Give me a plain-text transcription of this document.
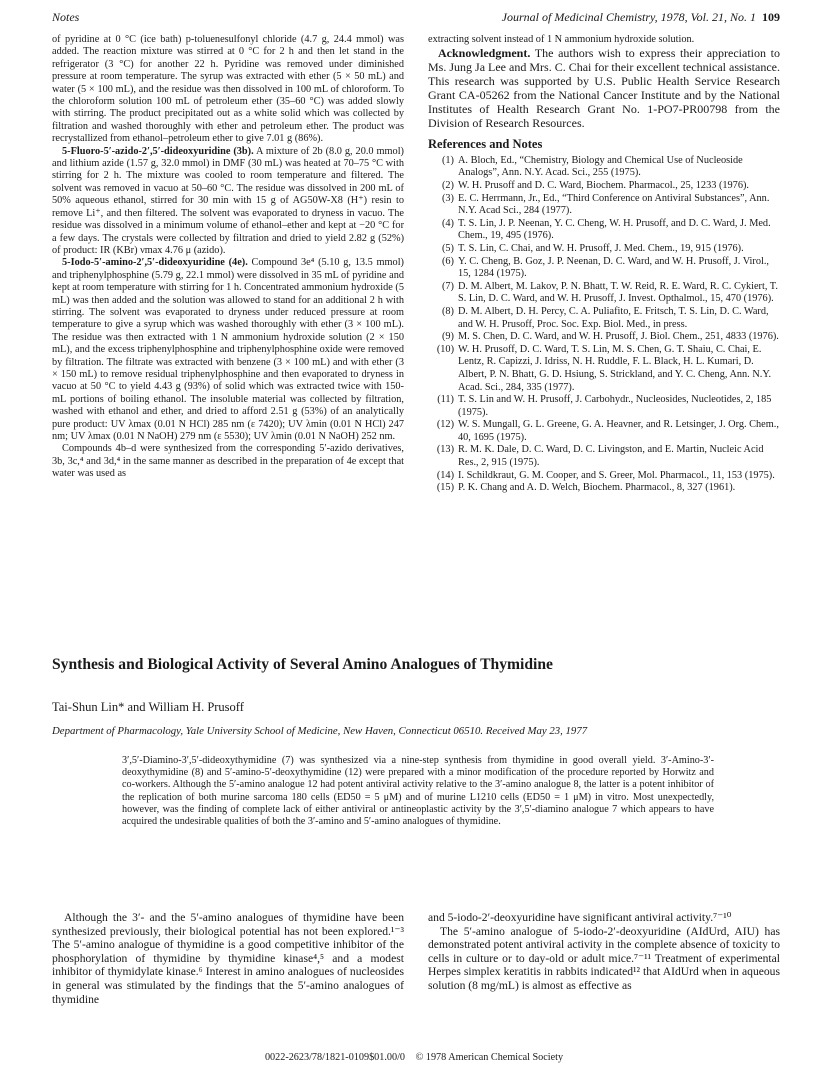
Notes	Journal of Medicinal Chemistry, 1978, Vol. 21, No. 1 109

of pyridine at 0 °C (ice bath) p-toluenesulfonyl chloride (4.7 g, 24.4 mmol) was added. The reaction mixture was stirred at 0 °C for 2 h and then let stand in the refrigerator (3 °C) for another 22 h. Pyridine was removed under diminished pressure at room temperature. The syrup was extracted with ether (5 × 50 mL) and water (5 × 100 mL), and the residue was then dissolved in 100 mL of chloroform. To the chloroform solution 100 mL of petroleum ether (35–60 °C) was added slowly with stirring. The product precipitated out as a white solid which was collected by filtration and washed thoroughly with ether and petroleum ether. The product was recrystallized from ethanol–petroleum ether to give 7.01 g (86%).

5-Fluoro-5′-azido-2′,5′-dideoxyuridine (3b). A mixture of 2b (8.0 g, 20.0 mmol) and lithium azide (1.57 g, 32.0 mmol) in DMF (30 mL) was heated at 70–75 °C with stirring for 2 h. The mixture was cooled to room temperature and filtered. The solvent was removed in vacuo at 50–60 °C. The residue was dissolved in 200 mL of 50% aqueous ethanol, stirred for 30 min with 15 g of AG50W-X8 (H⁺) resin to remove Li⁺, and then filtered. The solvent was evaporated to dryness in vacuo. The residue was dissolved in a minimum volume of ethanol–ether and kept at −20 °C for a few days. The crystals were collected by filtration and dried to yield 2.82 g (52%) of product: IR (KBr) νmax 4.76 μ (azido).

5-Iodo-5′-amino-2′,5′-dideoxyuridine (4e). Compound 3e⁴ (5.10 g, 13.5 mmol) and triphenylphosphine (5.79 g, 22.1 mmol) were dissolved in 35 mL of pyridine and kept at room temperature with stirring for 1 h. Concentrated ammonium hydroxide (5 mL) was then added and the solution was allowed to stand for an additional 2 h with stirring. The solvent was evaporated to dryness under reduced pressure at room temperature to give a syrup which was washed thoroughly with ether (3 × 100 mL). The residue was then extracted with 1 N ammonium hydroxide solution (2 × 150 mL), and the excess triphenylphosphine and triphenylphosphine oxide were removed by filtration. The filtrate was extracted with benzene (3 × 100 mL) and with ether (3 × 150 mL) to remove residual triphenylphosphine and then evaporated to dryness in vacuo at 50 °C to yield 4.43 g (93%) of solid which was extracted twice with 150-mL portions of boiling ethanol. The insoluble material was collected by filtration, washed with ethanol and ether, and dried to afford 2.51 g (53%) of an analytically pure product: UV λmax (0.01 N HCl) 285 nm (ε 7420); UV λmin (0.01 N HCl) 247 nm; UV λmax (0.01 N NaOH) 279 nm (ε 5530); UV λmin (0.01 N NaOH) 252 nm.

Compounds 4b–d were synthesized from the corresponding 5′-azido derivatives, 3b, 3c,⁴ and 3d,⁴ in the same manner as described in the preparation of 4e except that water was used as

extracting solvent instead of 1 N ammonium hydroxide solution.

Acknowledgment. The authors wish to express their appreciation to Ms. Jung Ja Lee and Mrs. C. Chai for their excellent technical assistance. This research was supported by U.S. Public Health Service Research Grant CA-05262 from the National Cancer Institute and by the National Institutes of Health Research Grant No. 1-PO7-PR00798 from the Division of Research Resources.

References and Notes

(1) A. Bloch, Ed., “Chemistry, Biology and Chemical Use of Nucleoside Analogs”, Ann. N.Y. Acad. Sci., 255 (1975).

(2) W. H. Prusoff and D. C. Ward, Biochem. Pharmacol., 25, 1233 (1976).

(3) E. C. Herrmann, Jr., Ed., “Third Conference on Antiviral Substances”, Ann. N.Y. Acad Sci., 284 (1977).

(4) T. S. Lin, J. P. Neenan, Y. C. Cheng, W. H. Prusoff, and D. C. Ward, J. Med. Chem., 19, 495 (1976).

(5) T. S. Lin, C. Chai, and W. H. Prusoff, J. Med. Chem., 19, 915 (1976).

(6) Y. C. Cheng, B. Goz, J. P. Neenan, D. C. Ward, and W. H. Prusoff, J. Virol., 15, 1284 (1975).

(7) D. M. Albert, M. Lakov, P. N. Bhatt, T. W. Reid, R. E. Ward, R. C. Cykiert, T. S. Lin, D. C. Ward, and W. H. Prusoff, J. Invest. Opthalmol., 15, 470 (1976).

(8) D. M. Albert, D. H. Percy, C. A. Puliafito, E. Fritsch, T. S. Lin, D. C. Ward, and W. H. Prusoff, Proc. Soc. Exp. Biol. Med., in press.

(9) M. S. Chen, D. C. Ward, and W. H. Prusoff, J. Biol. Chem., 251, 4833 (1976).

(10) W. H. Prusoff, D. C. Ward, T. S. Lin, M. S. Chen, G. T. Shaiu, C. Chai, E. Lentz, R. Capizzi, J. Idriss, N. H. Ruddle, F. L. Black, H. L. Kumari, D. Albert, P. N. Bhatt, G. D. Hsiung, S. Strickland, and Y. C. Cheng, Ann. N.Y. Acad. Sci., 284, 335 (1977).

(11) T. S. Lin and W. H. Prusoff, J. Carbohydr., Nucleosides, Nucleotides, 2, 185 (1975).

(12) W. S. Mungall, G. L. Greene, G. A. Heavner, and R. Letsinger, J. Org. Chem., 40, 1695 (1975).

(13) R. M. K. Dale, D. C. Ward, D. C. Livingston, and E. Martin, Nucleic Acid Res., 2, 915 (1975).

(14) I. Schildkraut, G. M. Cooper, and S. Greer, Mol. Pharmacol., 11, 153 (1975).

(15) P. K. Chang and A. D. Welch, Biochem. Pharmacol., 8, 327 (1961).

Synthesis and Biological Activity of Several Amino Analogues of Thymidine
Tai-Shun Lin* and William H. Prusoff
Department of Pharmacology, Yale University School of Medicine, New Haven, Connecticut 06510. Received May 23, 1977
3′,5′-Diamino-3′,5′-dideoxythymidine (7) was synthesized via a nine-step synthesis from thymidine in good overall yield. 3′-Amino-3′-deoxythymidine (8) and 5′-amino-5′-deoxythymidine (12) were prepared with a minor modification of the procedure reported by Horwitz and co-workers. Although the 5′-amino analogue 12 had potent antiviral activity relative to the 3′-amino analogue 8, the latter is a potent inhibitor of the replication of both murine sarcoma 180 cells (ED50 = 5 μM) and of murine L1210 cells (ED50 = 1 μM) in vitro. Most unexpectedly, however, was the finding of complete lack of either antiviral or antineoplastic activity by the 3′,5′-diamino analogue 7 which appears to have acquired the undesirable qualities of both the 3′-amino and 5′-amino analogues of thymidine.

Although the 3′- and the 5′-amino analogues of thymidine have been synthesized previously, their biological potential has not been explored.¹⁻³ The 5′-amino analogue of thymidine is a good competitive inhibitor of the phosphorylation of thymidine by thymidine kinase⁴,⁵ and a modest inhibitor of thymidylate kinase.⁶ Interest in amino analogues of nucleosides in general was stimulated by the findings that the 5′-amino analogues of thymidine

and 5-iodo-2′-deoxyuridine have significant antiviral activity.⁷⁻¹⁰

The 5′-amino analogue of 5-iodo-2′-deoxyuridine (AIdUrd, AIU) has demonstrated potent antiviral activity in the complete absence of toxicity to cells in culture or to day-old or adult mice.⁷⁻¹¹ Treatment of experimental Herpes simplex keratitis in rabbits indicated¹² that AIdUrd when in aqueous solution (8 mg/mL) is almost as effective as

0022-2623/78/1821-0109$01.00/0 © 1978 American Chemical Society
